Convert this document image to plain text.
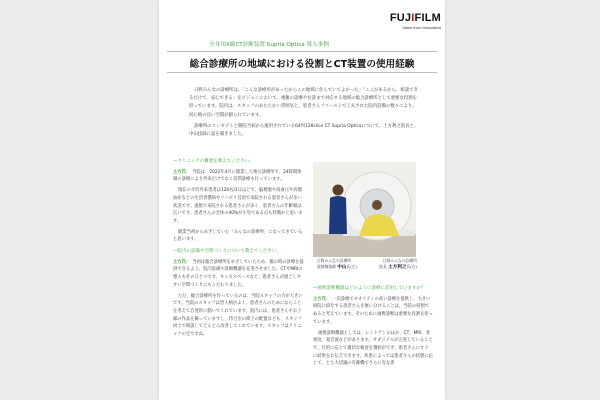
FUJIFILM
Value from Innovation
全身用X線CT診断装置 Supria Optica 導入事例
総合診療所の地域における役割とCT装置の使用経験

日野みんなの診療所は、「こんな診療所があったからこの地域に住んでいてよかった」「ここがあるから、相談できるだけで、安心できる」をビジョンにおいて、複雑の診療や往診まで対応する地域の総合診療所として重要な役割を担っています。院内は、スタッフのあたたかい雰囲気と、患者さんファーストで工夫された院内設備の数々により、居心地の良い空間が創られています。

診療所のコンセプトと開院当初から運用されている64列128slice CT Supria Opticaについて、土方利之院長と、中山技師に話を聞きました。

―クリニックの概要を教えてください。

土方氏： 当院は、2022年4月に開業した地元診療所で、24時間体制の診療により外来だけでなく訪問診療も行っています。

現在の平均外来患者は120名/1日ほどで、脳梗塞や高血圧や高脂血症などの生活習慣病やリハビリ目的で来院される患者さんが多い状況です。妻施で来院される患者さんが多く、患者さんの年齢層は広いです。患者さんの全体の40%が小児である点も特徴かと思います。

開業当初からめざしていた「みんなの診療所」になってきていると思います。

―院内の設備や空間づくりについて教えてください。

土方氏： 当初は総合診療所をめざしていたため、親の時の診療を提供できるよう、院内設備や診断機器を充実させました。CTやMRIの導入もそのひとつです。キッズスペースなど、患者さんが過ごしやすい空間づくりにもこだわりました。

ただ、総合診療所を作っているのは、当院スタッフの力が大きいです。当院のスタッフは皆人柄がよく、患者さんのためにならことを考えて自発的に動いてくれています。院内には、患者さんやお子様の作品を飾っていますし、待合室の椅子の配置なども、スタッフ同士で相談してどんどん改善してくれています。スタッフはクリニックの宝ですね。

日野みんなの診療所	日野みんなの診療所
放射線技師 中山氏(左)	院長 土方利之氏(右)

―画像診断機器はどのように診療に活用していますか？

土方氏： 一次診療でオオリティの高い診療を提供し、大きい病院に紹介する患者さんを無い分けることは、当院の役割であると考えています。そのために画像診断は重要な役割を担っています。

画像診断機器としては、レントゲンのほか、CT、MRI、骨密度、超音波などがあります。オダジナルが完実していることで、目的に応じて適切な検査を選択ができ、患者さんにすぐに結果をお伝えできます。疾患によっては患者さんの状態に応じて、とた大切議の有確機でさらに有な患
